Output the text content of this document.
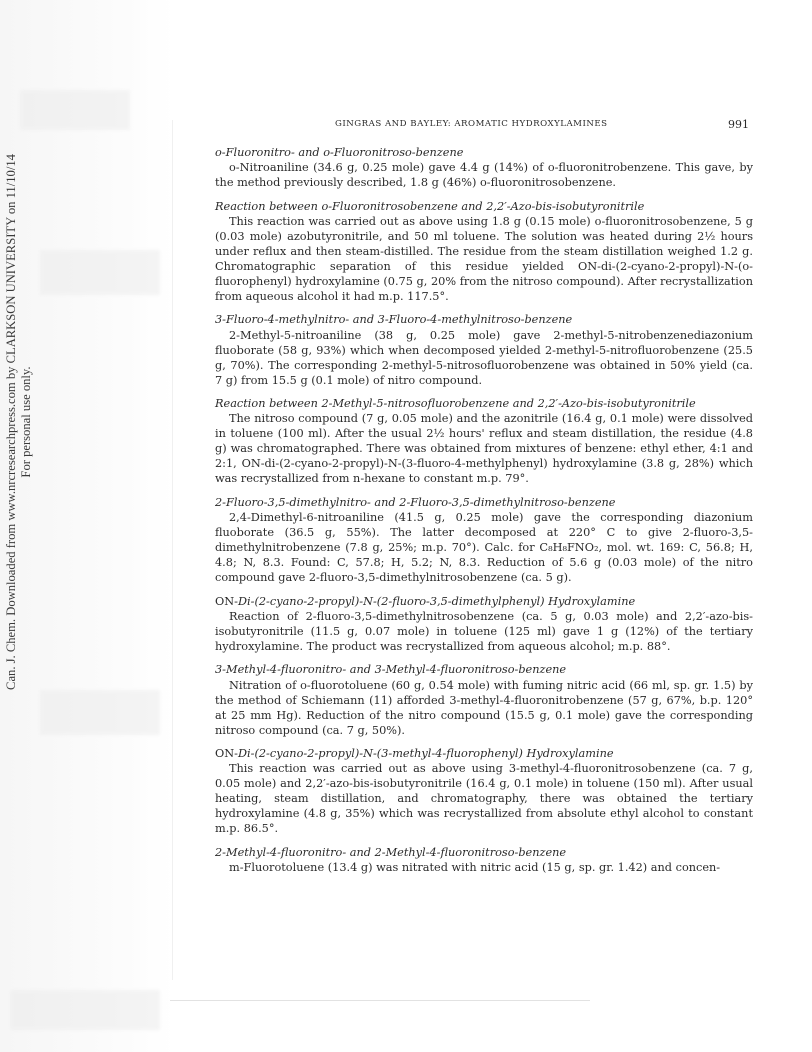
Can. J. Chem. Downloaded from www.nrcresearchpress.com by CLARKSON UNIVERSITY on 11/10/14 For personal use only.
GINGRAS AND BAYLEY: AROMATIC HYDROXYLAMINES	991
o-Fluoronitro- and o-Fluoronitroso-benzene
o-Nitroaniline (34.6 g, 0.25 mole) gave 4.4 g (14%) of o-fluoronitrobenzene. This gave, by the method previously described, 1.8 g (46%) o-fluoronitrosobenzene.
Reaction between o-Fluoronitrosobenzene and 2,2′-Azo-bis-isobutyronitrile
This reaction was carried out as above using 1.8 g (0.15 mole) o-fluoronitrosobenzene, 5 g (0.03 mole) azobutyronitrile, and 50 ml toluene. The solution was heated during 2½ hours under reflux and then steam-distilled. The residue from the steam distillation weighed 1.2 g. Chromatographic separation of this residue yielded ON-di-(2-cyano-2-propyl)-N-(o-fluorophenyl) hydroxylamine (0.75 g, 20% from the nitroso compound). After recrystallization from aqueous alcohol it had m.p. 117.5°.
3-Fluoro-4-methylnitro- and 3-Fluoro-4-methylnitroso-benzene
2-Methyl-5-nitroaniline (38 g, 0.25 mole) gave 2-methyl-5-nitrobenzenediazonium fluoborate (58 g, 93%) which when decomposed yielded 2-methyl-5-nitrofluorobenzene (25.5 g, 70%). The corresponding 2-methyl-5-nitrosofluorobenzene was obtained in 50% yield (ca. 7 g) from 15.5 g (0.1 mole) of nitro compound.
Reaction between 2-Methyl-5-nitrosofluorobenzene and 2,2′-Azo-bis-isobutyronitrile
The nitroso compound (7 g, 0.05 mole) and the azonitrile (16.4 g, 0.1 mole) were dissolved in toluene (100 ml). After the usual 2½ hours' reflux and steam distillation, the residue (4.8 g) was chromatographed. There was obtained from mixtures of benzene: ethyl ether, 4:1 and 2:1, ON-di-(2-cyano-2-propyl)-N-(3-fluoro-4-methylphenyl) hydroxylamine (3.8 g, 28%) which was recrystallized from n-hexane to constant m.p. 79°.
2-Fluoro-3,5-dimethylnitro- and 2-Fluoro-3,5-dimethylnitroso-benzene
2,4-Dimethyl-6-nitroaniline (41.5 g, 0.25 mole) gave the corresponding diazonium fluoborate (36.5 g, 55%). The latter decomposed at 220° C to give 2-fluoro-3,5-dimethylnitrobenzene (7.8 g, 25%; m.p. 70°). Calc. for C₈H₈FNO₂, mol. wt. 169: C, 56.8; H, 4.8; N, 8.3. Found: C, 57.8; H, 5.2; N, 8.3. Reduction of 5.6 g (0.03 mole) of the nitro compound gave 2-fluoro-3,5-dimethylnitrosobenzene (ca. 5 g).
ON-Di-(2-cyano-2-propyl)-N-(2-fluoro-3,5-dimethylphenyl) Hydroxylamine
Reaction of 2-fluoro-3,5-dimethylnitrosobenzene (ca. 5 g, 0.03 mole) and 2,2′-azo-bis-isobutyronitrile (11.5 g, 0.07 mole) in toluene (125 ml) gave 1 g (12%) of the tertiary hydroxylamine. The product was recrystallized from aqueous alcohol; m.p. 88°.
3-Methyl-4-fluoronitro- and 3-Methyl-4-fluoronitroso-benzene
Nitration of o-fluorotoluene (60 g, 0.54 mole) with fuming nitric acid (66 ml, sp. gr. 1.5) by the method of Schiemann (11) afforded 3-methyl-4-fluoronitrobenzene (57 g, 67%, b.p. 120° at 25 mm Hg). Reduction of the nitro compound (15.5 g, 0.1 mole) gave the corresponding nitroso compound (ca. 7 g, 50%).
ON-Di-(2-cyano-2-propyl)-N-(3-methyl-4-fluorophenyl) Hydroxylamine
This reaction was carried out as above using 3-methyl-4-fluoronitrosobenzene (ca. 7 g, 0.05 mole) and 2,2′-azo-bis-isobutyronitrile (16.4 g, 0.1 mole) in toluene (150 ml). After usual heating, steam distillation, and chromatography, there was obtained the tertiary hydroxylamine (4.8 g, 35%) which was recrystallized from absolute ethyl alcohol to constant m.p. 86.5°.
2-Methyl-4-fluoronitro- and 2-Methyl-4-fluoronitroso-benzene
m-Fluorotoluene (13.4 g) was nitrated with nitric acid (15 g, sp. gr. 1.42) and concen-
